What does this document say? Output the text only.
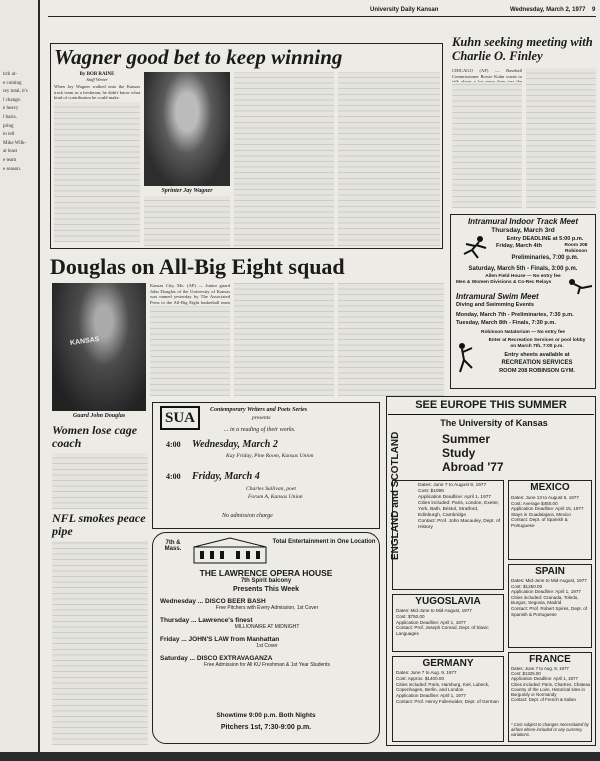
tick at-

e coming

rey total, it's

l change.

e heavy

l basis.

pring

to tell

Mike Wilk-

at least

e team

e season.

University Daily Kansan	Wednesday, March 2, 1977 9
Wagner good bet to keep winning
By BOB RAINE
Staff Writer
When Jay Wagner walked onto the Kansas track team as a freshman, he didn't know what kind of contribution he could make.
Sprinter Jay Wagner
Kuhn seeking meeting with Charlie O. Finley
CHICAGO (AP) — Baseball Commissioner Bowie Kuhn wants to
Intramural Indoor Track Meet
Thursday, March 3rd
Entry DEADLINE at 5:00 p.m.
Friday, March 4th	Room 208
Robinson
Preliminaries, 7:00 p.m.
Saturday, March 5th - Finals, 3:00 p.m.
Allen Field House — No entry fee
Men & Women Divisions & Co-Rec Relays
Intramural Swim Meet
Diving and Swimming Events
Monday, March 7th - Preliminaries, 7:30 p.m.
Tuesday, March 8th - Finals, 7:30 p.m.
Robinson Natatorium — No entry fee
Enter at Recreation Services or pool lobby
on March 7th, 7:00 p.m.
Entry sheets available at
RECREATION SERVICES
ROOM 208 ROBINSON GYM.
Douglas on All-Big Eight squad
KANSAS
Guard John Douglas
Kansas City, Mo. (AP) — Junior guard John Douglas of the University of Kansas was named yesterday by The Associated Press to the All-Big Eight basketball team
Women lose cage coach
NFL smokes peace pipe
SUA	Contemporary Writers and Poets Series
presents
... in a reading of their works.
4:00 Wednesday, March 2
Kay Friday, Pine Room, Kansas Union
4:00 Friday, March 4
Charles Sullivan, poet
Forum A, Kansas Union
No admission charge
7th & Mass.
Total Entertainment in One Location
THE LAWRENCE OPERA HOUSE
7th Spirit balcony
Presents This Week
Wednesday ... DISCO BEER BASH
Free Pitchers with Every Admission, 1st Cover
Thursday ... Lawrence's finest
MILLIONAIRE AT MIDNIGHT
Friday ... JOHN'S LAW from Manhattan
1st Cover
Saturday ... DISCO EXTRAVAGANZA
Free Admission for All KU Freshman & 1st Year Students
Showtime 9:00 p.m. Both Nights
Pitchers 1st, 7:30-9:00 p.m.
SEE EUROPE THIS SUMMER
The University of Kansas
Summer
Study
Abroad '77
ENGLAND and SCOTLAND	Dates: June 7 to August 9, 1977
Cost: $1095
Application Deadline: April 1, 1977
Cities included: Paris, London, Exeter, York, Bath, Bristol, Stratford, Edinburgh, Cambridge
Contact: Prof. John Macauley, Dept. of History
MEXICO
Dates: June 13 to August 6, 1977
Cost: Average $450.00
Application Deadline: April 15, 1977
Stays in Guadalajara, Mexico
Contact: Dept. of Spanish & Portuguese
YUGOSLAVIA
Dates: Mid-June to Mid-August, 1977
Cost: $750.00
Application Deadline: April 1, 1977
Contact: Prof. Joseph Conrad, Dept. of Slavic Languages
SPAIN
Dates: Mid-June to Mid-August, 1977
Cost: $1250.00
Application Deadline: April 1, 1977
Cities included: Granada, Toledo, Burgos, Segovia, Madrid
Contact: Prof. Robert Spires, Dept. of Spanish & Portuguese
GERMANY
Dates: June 7 to Aug. 9, 1977
Cost: Approx. $1400.00
Cities included: Paris, Hamburg, Kiel, Lubeck, Copenhagen, Berlin, and London
Application Deadline: April 1, 1977
Contact: Prof. Henry Fullenwider, Dept. of German
FRANCE
Dates: June 7 to Aug. 9, 1977
Cost: $1325.00
Application Deadline: April 1, 1977
Cities included: Paris, Chartres, Chateau Country of the Loire, Historical sites in Burgundy or Normandy
Contact: Dept. of French & Italian
* Cost subject to changes necessitated by airfare where included or any currency variations.
